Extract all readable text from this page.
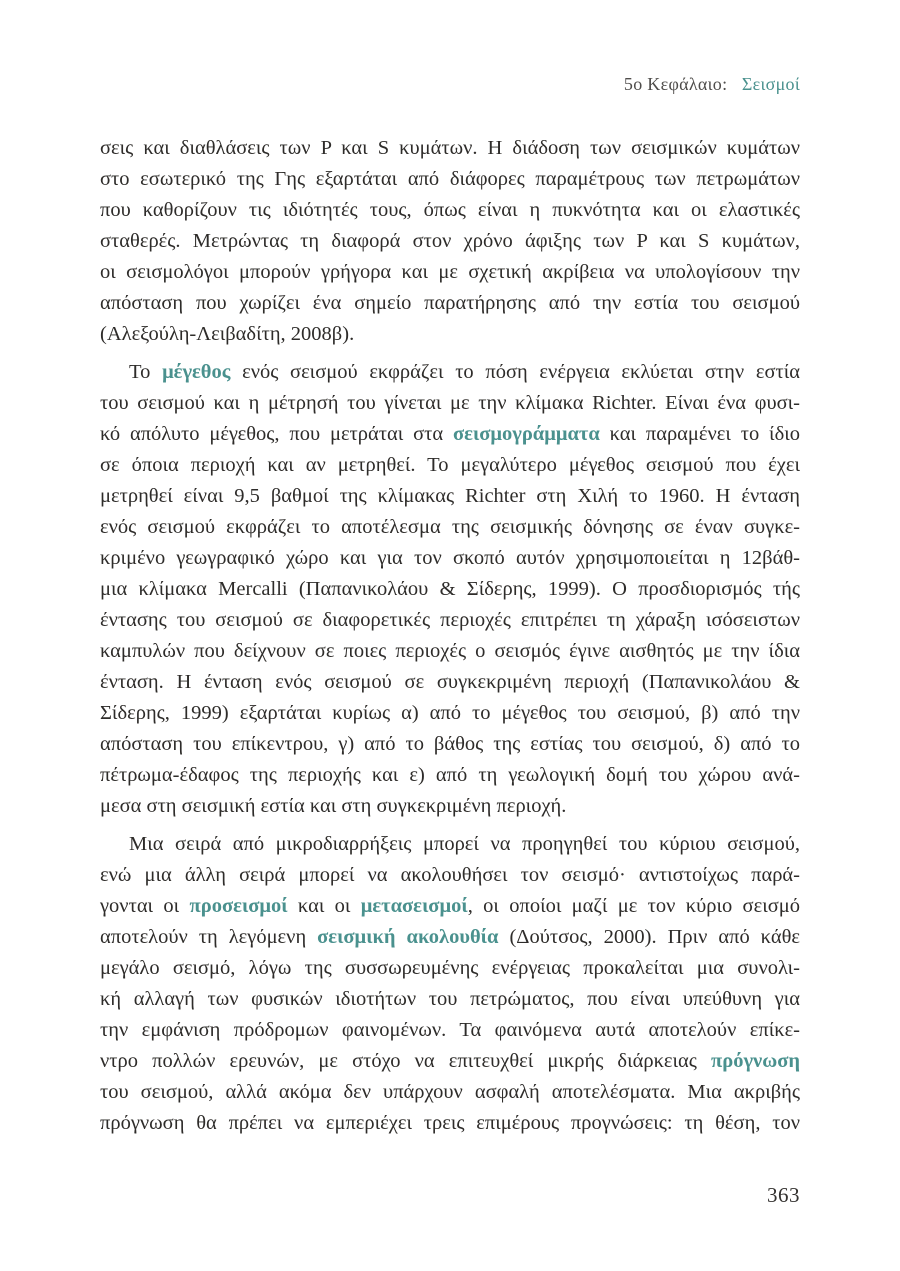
5ο Κεφάλαιο: Σεισμοί
σεις και διαθλάσεις των P και S κυμάτων. Η διάδοση των σεισμικών κυμάτων
στο εσωτερικό της Γης εξαρτάται από διάφορες παραμέτρους των πετρωμάτων
που καθορίζουν τις ιδιότητές τους, όπως είναι η πυκνότητα και οι ελαστικές
σταθερές. Μετρώντας τη διαφορά στον χρόνο άφιξης των P και S κυμάτων,
οι σεισμολόγοι μπορούν γρήγορα και με σχετική ακρίβεια να υπολογίσουν την
απόσταση που χωρίζει ένα σημείο παρατήρησης από την εστία του σεισμού
(Αλεξούλη-Λειβαδίτη, 2008β).
Το μέγεθος ενός σεισμού εκφράζει το πόση ενέργεια εκλύεται στην εστία
του σεισμού και η μέτρησή του γίνεται με την κλίμακα Richter. Είναι ένα φυσι-
κό απόλυτο μέγεθος, που μετράται στα σεισμογράμματα και παραμένει το ίδιο
σε όποια περιοχή και αν μετρηθεί. Το μεγαλύτερο μέγεθος σεισμού που έχει
μετρηθεί είναι 9,5 βαθμοί της κλίμακας Richter στη Χιλή το 1960. Η ένταση
ενός σεισμού εκφράζει το αποτέλεσμα της σεισμικής δόνησης σε έναν συγκε-
κριμένο γεωγραφικό χώρο και για τον σκοπό αυτόν χρησιμοποιείται η 12βάθ-
μια κλίμακα Mercalli (Παπανικολάου & Σίδερης, 1999). Ο προσδιορισμός τής
έντασης του σεισμού σε διαφορετικές περιοχές επιτρέπει τη χάραξη ισόσειστων
καμπυλών που δείχνουν σε ποιες περιοχές ο σεισμός έγινε αισθητός με την ίδια
ένταση. Η ένταση ενός σεισμού σε συγκεκριμένη περιοχή (Παπανικολάου &
Σίδερης, 1999) εξαρτάται κυρίως α) από το μέγεθος του σεισμού, β) από την
απόσταση του επίκεντρου, γ) από το βάθος της εστίας του σεισμού, δ) από το
πέτρωμα-έδαφος της περιοχής και ε) από τη γεωλογική δομή του χώρου ανά-
μεσα στη σεισμική εστία και στη συγκεκριμένη περιοχή.
Μια σειρά από μικροδιαρρήξεις μπορεί να προηγηθεί του κύριου σεισμού,
ενώ μια άλλη σειρά μπορεί να ακολουθήσει τον σεισμό· αντιστοίχως παρά-
γονται οι προσεισμοί και οι μετασεισμοί, οι οποίοι μαζί με τον κύριο σεισμό
αποτελούν τη λεγόμενη σεισμική ακολουθία (Δούτσος, 2000). Πριν από κάθε
μεγάλο σεισμό, λόγω της συσσωρευμένης ενέργειας προκαλείται μια συνολι-
κή αλλαγή των φυσικών ιδιοτήτων του πετρώματος, που είναι υπεύθυνη για
την εμφάνιση πρόδρομων φαινομένων. Τα φαινόμενα αυτά αποτελούν επίκε-
ντρο πολλών ερευνών, με στόχο να επιτευχθεί μικρής διάρκειας πρόγνωση
του σεισμού, αλλά ακόμα δεν υπάρχουν ασφαλή αποτελέσματα. Μια ακριβής
πρόγνωση θα πρέπει να εμπεριέχει τρεις επιμέρους προγνώσεις: τη θέση, τον
363
